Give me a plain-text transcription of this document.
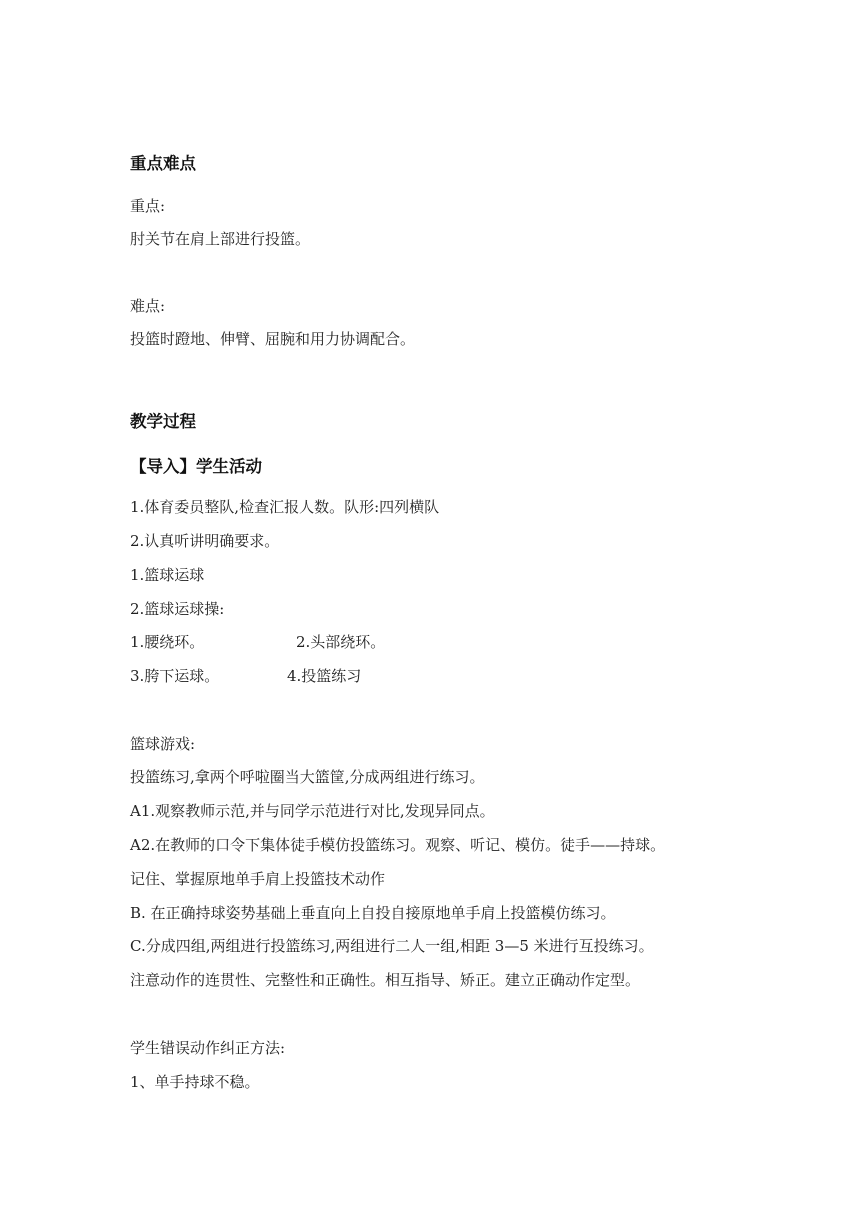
重点难点
重点:
肘关节在肩上部进行投篮。
难点:
投篮时蹬地、伸臂、屈腕和用力协调配合。
教学过程
【导入】学生活动
1.体育委员整队,检查汇报人数。队形:四列横队
2.认真听讲明确要求。
1.篮球运球
2.篮球运球操:
1.腰绕环。	2.头部绕环。
3.胯下运球。	4.投篮练习
篮球游戏:
投篮练习,拿两个呼啦圈当大篮筐,分成两组进行练习。
A1.观察教师示范,并与同学示范进行对比,发现异同点。
A2.在教师的口令下集体徒手模仿投篮练习。观察、听记、模仿。徒手——持球。
记住、掌握原地单手肩上投篮技术动作
B. 在正确持球姿势基础上垂直向上自投自接原地单手肩上投篮模仿练习。
C.分成四组,两组进行投篮练习,两组进行二人一组,相距 3—5 米进行互投练习。
注意动作的连贯性、完整性和正确性。相互指导、矫正。建立正确动作定型。
学生错误动作纠正方法:
1、单手持球不稳。
